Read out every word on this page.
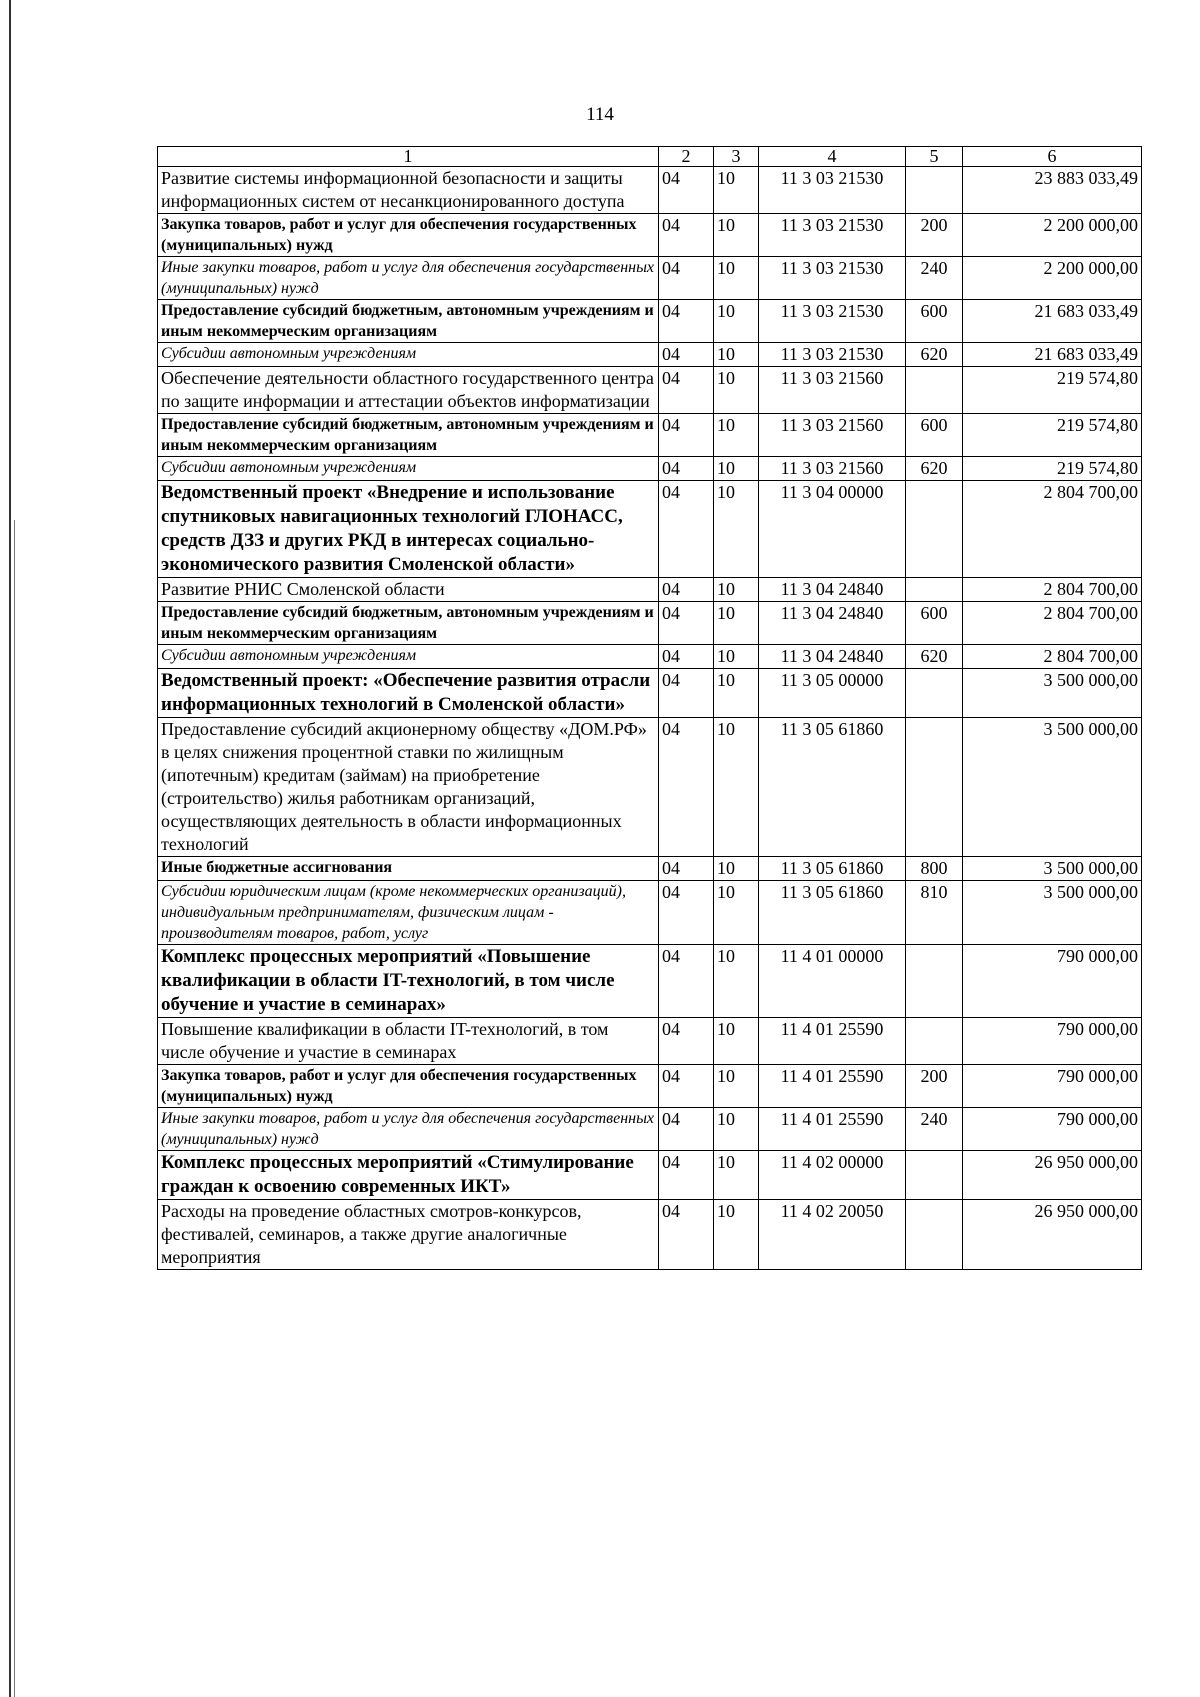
114
1	2	3	4	5	6
Развитие системы информационной безопасности и защиты информационных систем от несанкционированного доступа	04	10	11 3 03 21530		23 883 033,49
Закупка товаров, работ и услуг для обеспечения государственных (муниципальных) нужд	04	10	11 3 03 21530	200	2 200 000,00
Иные закупки товаров, работ и услуг для обеспечения государственных (муниципальных) нужд	04	10	11 3 03 21530	240	2 200 000,00
Предоставление субсидий бюджетным, автономным учреждениям и иным некоммерческим организациям	04	10	11 3 03 21530	600	21 683 033,49
Субсидии автономным учреждениям	04	10	11 3 03 21530	620	21 683 033,49
Обеспечение деятельности областного государственного центра по защите информации и аттестации объектов информатизации	04	10	11 3 03 21560		219 574,80
Предоставление субсидий бюджетным, автономным учреждениям и иным некоммерческим организациям	04	10	11 3 03 21560	600	219 574,80
Субсидии автономным учреждениям	04	10	11 3 03 21560	620	219 574,80
Ведомственный проект «Внедрение и использование спутниковых навигационных технологий ГЛОНАСС, средств ДЗЗ и других РКД в интересах социально-экономического развития Смоленской области»	04	10	11 3 04 00000		2 804 700,00
Развитие РНИС Смоленской области	04	10	11 3 04 24840		2 804 700,00
Предоставление субсидий бюджетным, автономным учреждениям и иным некоммерческим организациям	04	10	11 3 04 24840	600	2 804 700,00
Субсидии автономным учреждениям	04	10	11 3 04 24840	620	2 804 700,00
Ведомственный проект: «Обеспечение развития отрасли информационных технологий в Смоленской области»	04	10	11 3 05 00000		3 500 000,00
Предоставление субсидий акционерному обществу «ДОМ.РФ» в целях снижения процентной ставки по жилищным (ипотечным) кредитам (займам) на приобретение (строительство) жилья работникам организаций, осуществляющих деятельность в области информационных технологий	04	10	11 3 05 61860		3 500 000,00
Иные бюджетные ассигнования	04	10	11 3 05 61860	800	3 500 000,00
Субсидии юридическим лицам (кроме некоммерческих организаций), индивидуальным предпринимателям, физическим лицам - производителям товаров, работ, услуг	04	10	11 3 05 61860	810	3 500 000,00
Комплекс процессных мероприятий «Повышение квалификации в области IT-технологий, в том числе обучение и участие в семинарах»	04	10	11 4 01 00000		790 000,00
Повышение квалификации в области IT-технологий, в том числе обучение и участие в семинарах	04	10	11 4 01 25590		790 000,00
Закупка товаров, работ и услуг для обеспечения государственных (муниципальных) нужд	04	10	11 4 01 25590	200	790 000,00
Иные закупки товаров, работ и услуг для обеспечения государственных (муниципальных) нужд	04	10	11 4 01 25590	240	790 000,00
Комплекс процессных мероприятий «Стимулирование граждан к освоению современных ИКТ»	04	10	11 4 02 00000		26 950 000,00
Расходы на проведение областных смотров-конкурсов, фестивалей, семинаров, а также другие аналогичные мероприятия	04	10	11 4 02 20050		26 950 000,00
